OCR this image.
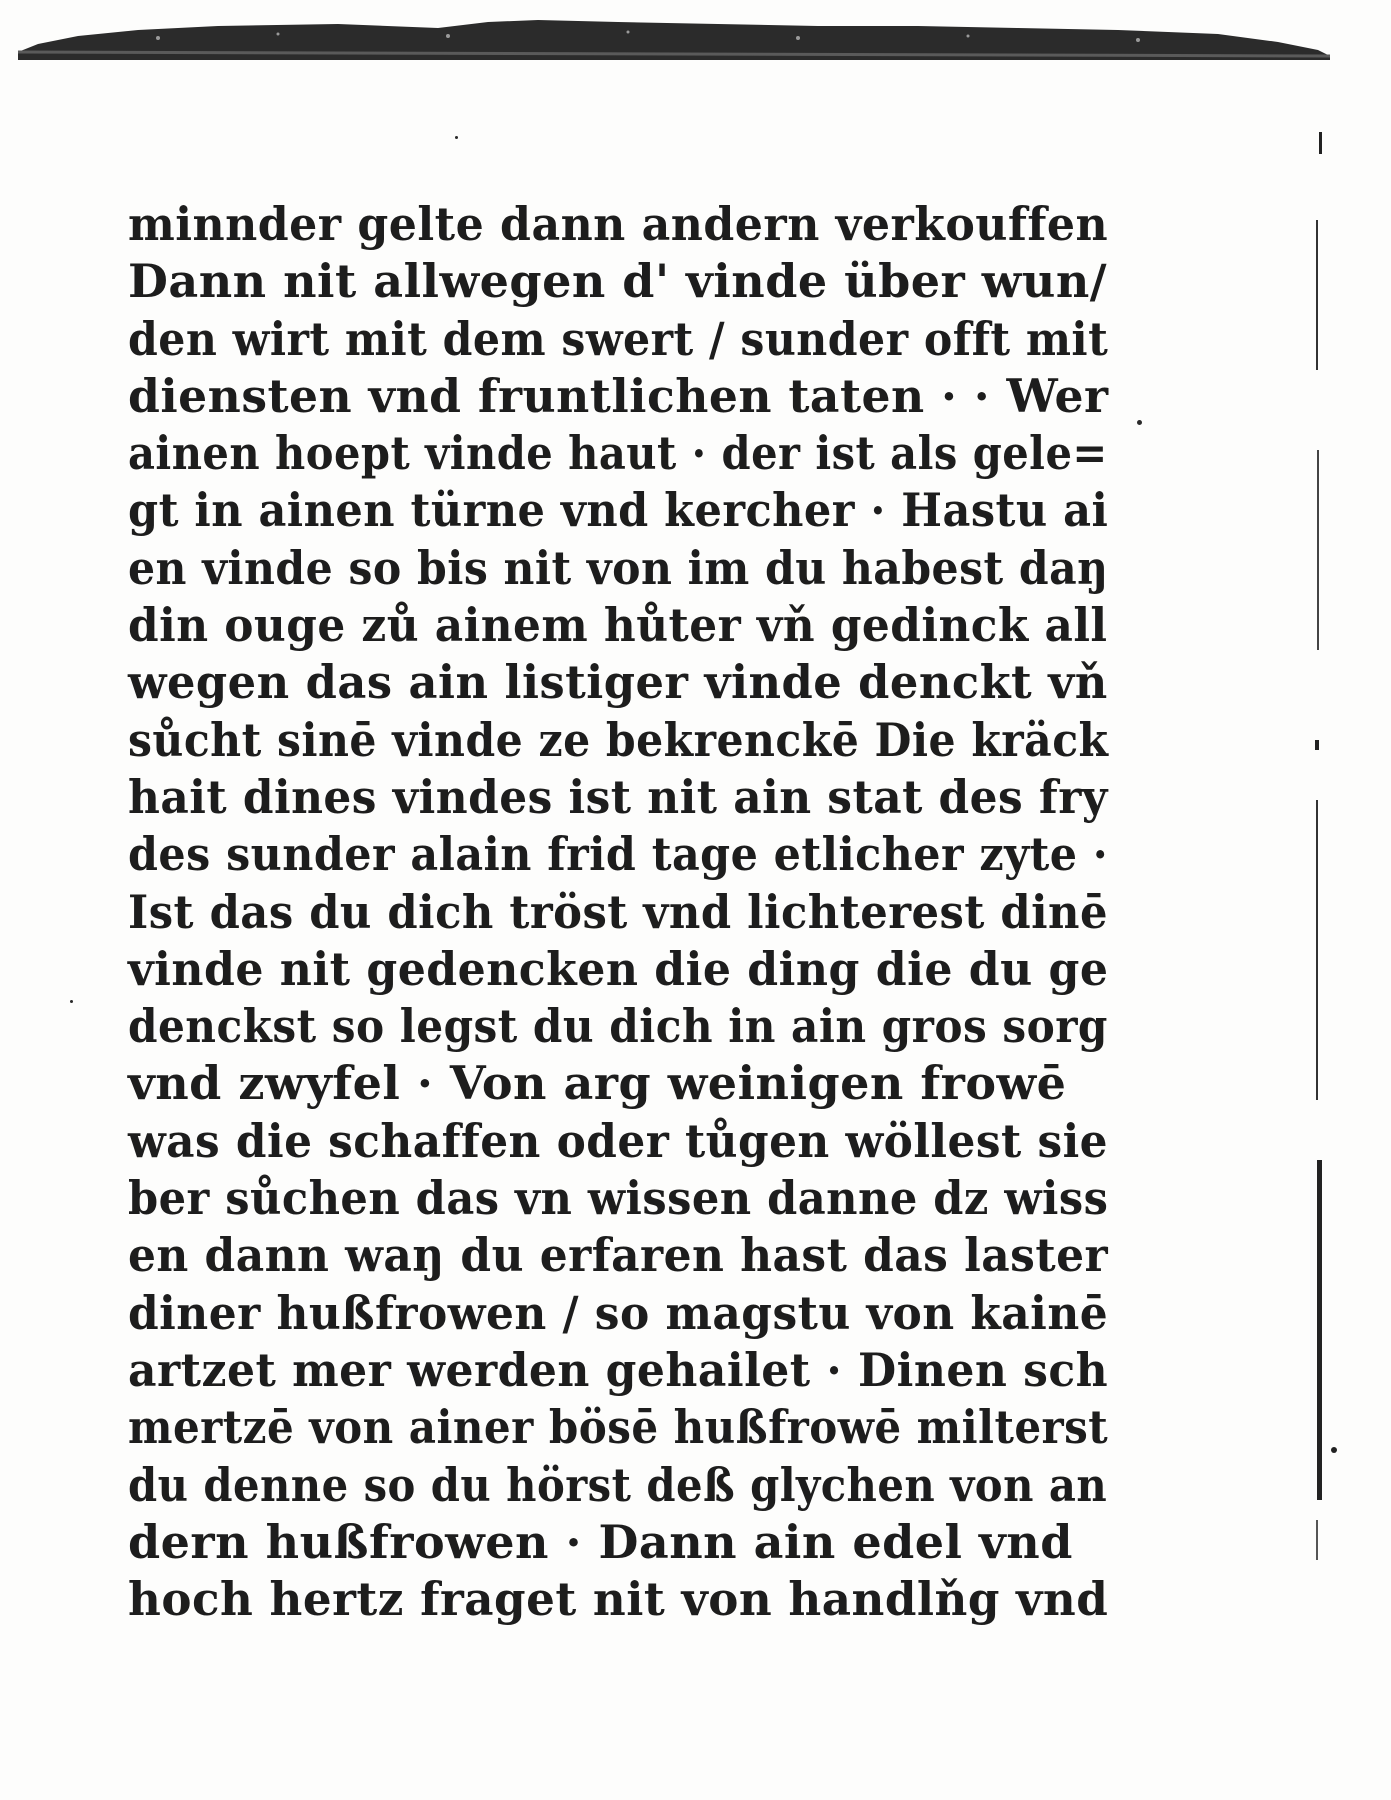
minnder gelte dann andern verkouffen
Dann nit allwegen d' vinde über wun/
den wirt mit dem swert / sunder offt mit
diensten vnd fruntlichen taten · · Wer
ainen hoept vinde haut · der ist als gele=
gt in ainen türne vnd kercher · Hastu ai
en vinde so bis nit von im du habest daŋ
din ouge zů ainem hůter vň gedinck all
wegen das ain listiger vinde denckt vň
sůcht sinē vinde ze bekrenckē Die kräck
hait dines vindes ist nit ain stat des fry
des sunder alain frid tage etlicher zyte ·
Ist das du dich tröst vnd lichterest dinē
vinde nit gedencken die ding die du ge
denckst so legst du dich in ain gros sorg
vnd zwyfel · Von arg weinigen frowē
was die schaffen oder tůgen wöllest sie
ber sůchen das vn wissen danne dz wiss
en dann waŋ du erfaren hast das laster
diner hußfrowen / so magstu von kainē
artzet mer werden gehailet · Dinen sch
mertzē von ainer bösē hußfrowē milterst
du denne so du hörst deß glychen von an
dern hußfrowen · Dann ain edel vnd
hoch hertz fraget nit von handlňg vnd
